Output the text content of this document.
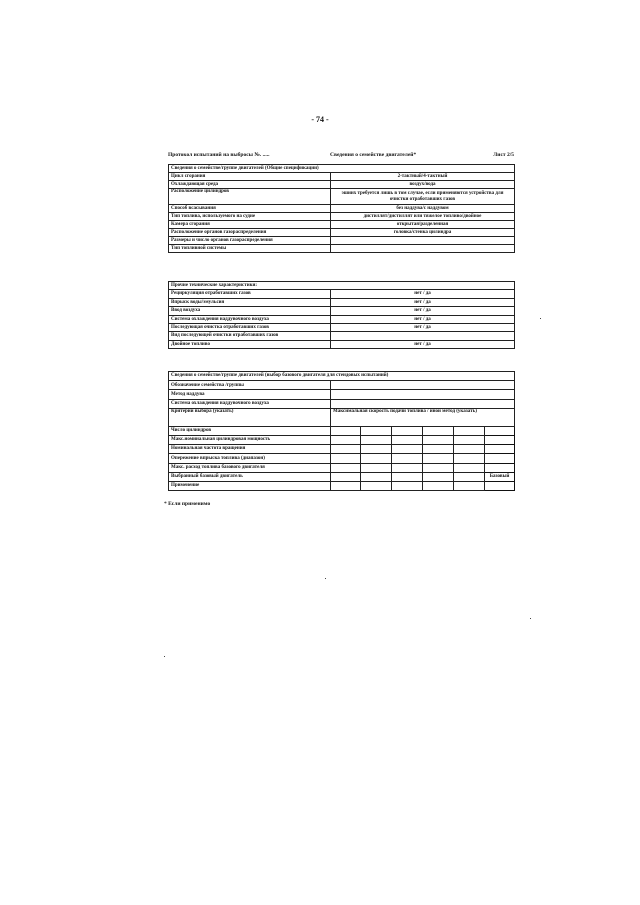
- 74 -
Протокол испытаний на выбросы №. .....	Сведения о семействе двигателей*	Лист 2/5
Сведения о семействе/группе двигателей (Общие спецификации)	
Цикл сгорания	2-тактный/4-тактный
Охлаждающая среда	воздух/вода
Расположение цилиндров	эшинх требуется лишь в том случае, если применяются устройства для очистки отработавших газов
Способ всасывания	без наддува/с наддувом
Тип топлива, используемого на судне	дистиллят/дистиллят или тяжелое топливо/двойное
Камера сгорания	открытая/разделенная
Расположение органов газораспределения	головка/стенка цилиндра
Размеры и число органов газораспределения	
Тип топливной системы	
Прочие технические характеристики:	
Рециркуляция отработавших газов	нет / да
Впрыск воды/эмульсия	нет / да
Ввод воздуха	нет / да
Система охлаждения наддувочного воздуха	нет / да
Последующая очистка отработавших газов	нет / да
Вид последующей очистки отработавших газов	
Двойное топливо	нет / да
Сведения о семействе/группе двигателей (выбор базового двигателя для стендовых испытаний)						
Обозначение семейства /группы						
Метод наддува						
Система охлаждения наддувочного воздуха						
Критерии выбора (указать)	Максимальная скорость подачи топлива / иной метод (указать)					
Число цилиндров						
Макс.номинальная цилиндровая мощность						
Номинальная частота вращения						
Опережение впрыска топлива (диапазон)						
Макс. расход топлива базового двигателя						
Выбранный базовый двигатель						Базовый
Применение						
* Если применимо
